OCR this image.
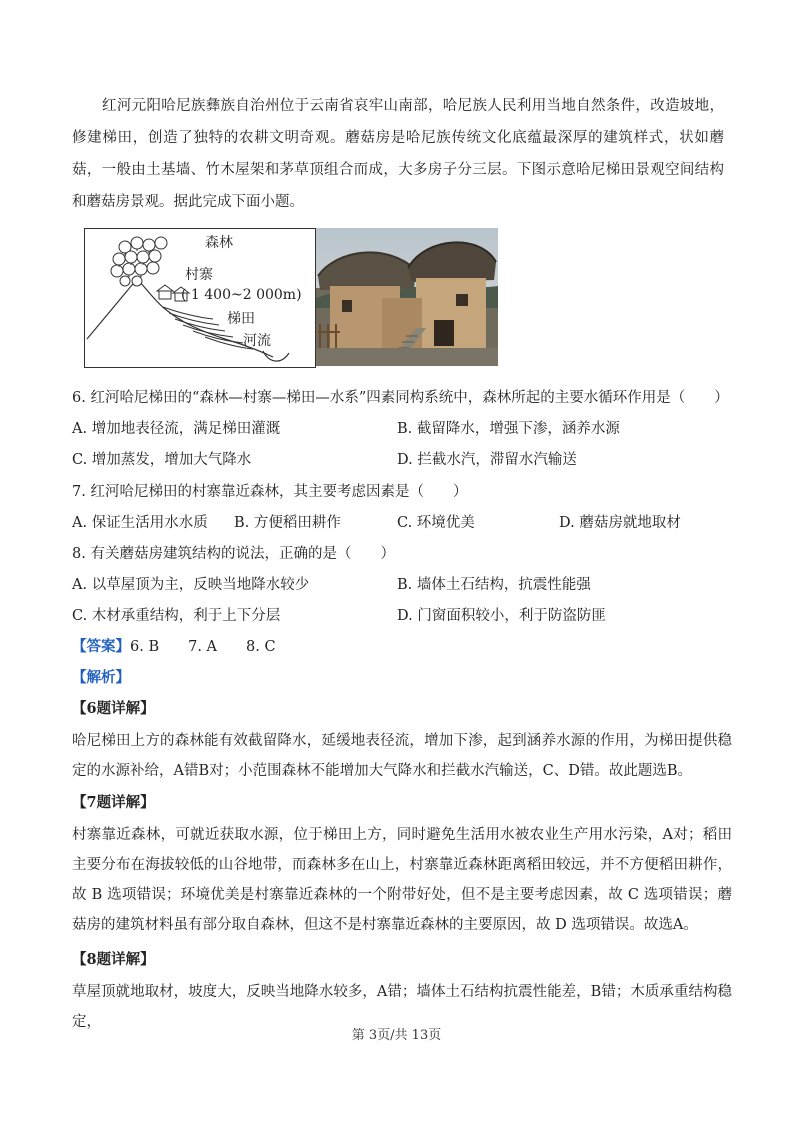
红河元阳哈尼族彝族自治州位于云南省哀牢山南部，哈尼族人民利用当地自然条件，改造坡地，修建梯田，创造了独特的农耕文明奇观。蘑菇房是哈尼族传统文化底蕴最深厚的建筑样式，状如蘑菇，一般由土基墙、竹木屋架和茅草顶组合而成，大多房子分三层。下图示意哈尼梯田景观空间结构和蘑菇房景观。据此完成下面小题。

森林
村寨
( 1 400~2 000m)
梯田
河流
6. 红河哈尼梯田的“森林—村寨—梯田—水系”四素同构系统中，森林所起的主要水循环作用是（　　）
A. 增加地表径流，满足梯田灌溉	B. 截留降水，增强下渗，涵养水源
C. 增加蒸发，增加大气降水	D. 拦截水汽，滞留水汽输送
7. 红河哈尼梯田的村寨靠近森林，其主要考虑因素是（　　）
A. 保证生活用水水质 B. 方便稻田耕作	C. 环境优美	D. 蘑菇房就地取材
8. 有关蘑菇房建筑结构的说法，正确的是（　　）
A. 以草屋顶为主，反映当地降水较少	B. 墙体土石结构，抗震性能强
C. 木材承重结构，利于上下分层	D. 门窗面积较小，利于防盗防匪
【答案】6. B　　7. A　　8. C
【解析】
【6题详解】

哈尼梯田上方的森林能有效截留降水，延缓地表径流，增加下渗，起到涵养水源的作用，为梯田提供稳定的水源补给，A错B对；小范围森林不能增加大气降水和拦截水汽输送，C、D错。故此题选B。

【7题详解】

村寨靠近森林，可就近获取水源，位于梯田上方，同时避免生活用水被农业生产用水污染，A对；稻田主要分布在海拔较低的山谷地带，而森林多在山上，村寨靠近森林距离稻田较远，并不方便稻田耕作，故 B 选项错误；环境优美是村寨靠近森林的一个附带好处，但不是主要考虑因素，故 C 选项错误；蘑菇房的建筑材料虽有部分取自森林，但这不是村寨靠近森林的主要原因，故 D 选项错误。故选A。

【8题详解】

草屋顶就地取材，坡度大，反映当地降水较多，A错；墙体土石结构抗震性能差，B错；木质承重结构稳定，

第 3页/共 13页
